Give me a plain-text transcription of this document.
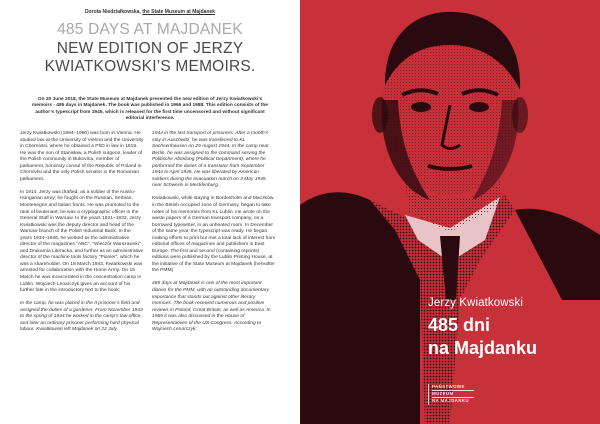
Dorota Niedziałkowska, the State Museum at Majdanek
485 DAYS AT MAJDANEK
NEW EDITION OF JERZY
KWIATKOWSKI’S MEMOIRS.
On 20 June 2018, the State Museum at Majdanek presented the new edition of Jerzy Kwiatkowski’s memoirs - 485 days in Majdanek. The book was published in 1966 and 1988. This edition consists of the author’s typescript from 1945, which is released for the first time uncensored and without significant editorial interference.

Jerzy Kwiatkowski (1894–1980) was born in Vienna. He studied law at the University of Vienna and the University in Chernivtsi, where he obtained a PhD in law in 1919. He was the son of Stanisław, a Polish surgeon, leader of the Polish community in Bukovina, member of parliament, honorary consul of the Republic of Poland in Chernivtsi and the only Polish senator in the Romanian parliament.

In 1914, Jerzy was drafted, as a soldier of the Austro-Hungarian army; he fought on the Russian, Serbian, Montenegrin and Italian fronts. He was promoted to the rank of lieutenant; he was a cryptographic officer in the General Staff in Warsaw. In the years 1921–1933, Jerzy Kwiatkowski was the deputy director and head of the Warsaw branch of the Polish Industrial Bank. In the years 1934–1936, he worked as the administrative director of the magazines “ABC”, “Wieczór Warszawski” and Drukarnia Literacka, and further as an administrative director of the machine tools factory “Pionier”, which he was a shareholder. On 18 March 1943, Kwiatkowski was arrested for collaboration with the Home Army. On 15 March he was incarcerated in the concentration camp in Lublin. Wojciech Lenarczyk gives an account of his further fate in the introductory text to the book:

In the camp, he was placed in the II prisoner’s field and assigned the duties of a gardener. From November 1943 to the spring of 1944 he worked in the camp’s law office, and later an ordinary prisoner performing hard physical labour. Kwiatkowski left Majdanek on 22 July

1944 in the last transport of prisoners. After a month’s stay in Auschwitz, he was transferred to KL Sachsenhausen on 29 August 1944. In the camp near Berlin, he was assigned to the command serving the Politische Abteilung (Political Department), where he performed the duties of a translator from September 1944 to April 1945. He was liberated by American soldiers during the evacuation march on 3 May 1945 near Schwerin in Mecklenburg.

Kwiatkowski, while staying in Bordesholm and Maczków, in the British occupied zone of Germany, began to take notes of his memories from KL Lublin. He wrote on the waste papers of a German transport company, on a borrowed typewriter, in an unheated room. In December of the same year, the typescript was ready. He began making efforts to print but met a total lack of interest from editorial offices of magazines and publishers in East Europe. The first and second (containing reprints) editions were published by the Lublin Printing House, at the initiative of the State Museum at Majdanek (hereafter the PMM)

485 days at Majdanek is one of the most important diaries for the PMM, with an outstanding documentary importance that stands out against other literary memoirs. The book received numerous and positive reviews in Poland, Great Britain, as well as America. In 1969 it was also discussed in the House of Representatives of the US Congress. According to Wojciech Lenarczyk:

Jerzy Kwiatkowski
485 dni
na Majdanku
PAŃSTWOWE
MUZEUM
NA MAJDANKU
